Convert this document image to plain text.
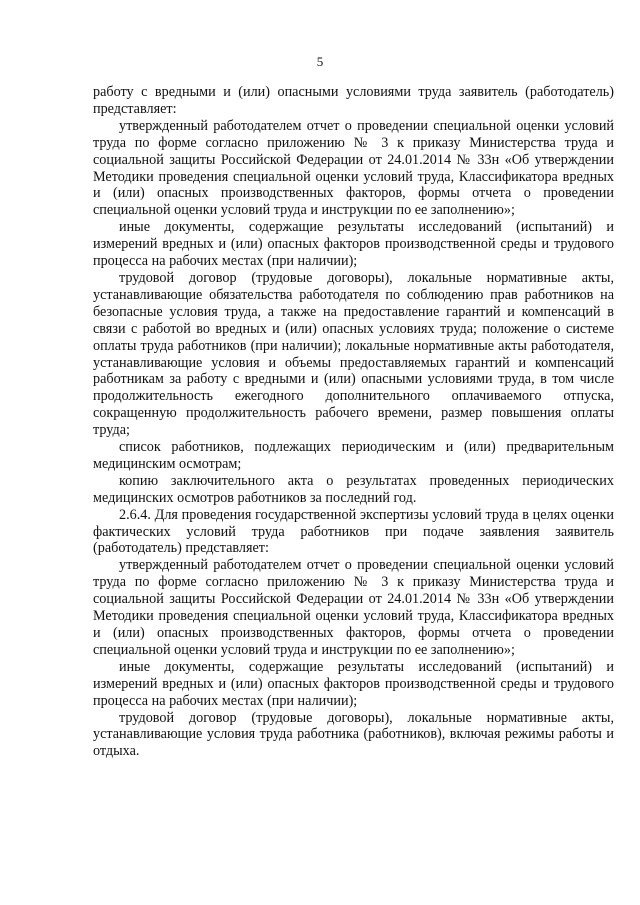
5

работу с вредными и (или) опасными условиями труда заявитель (работодатель) представляет:

утвержденный работодателем отчет о проведении специальной оценки условий труда по форме согласно приложению № 3 к приказу Министерства труда и социальной защиты Российской Федерации от 24.01.2014 № 33н «Об утверждении Методики проведения специальной оценки условий труда, Классификатора вредных и (или) опасных производственных факторов, формы отчета о проведении специальной оценки условий труда и инструкции по ее заполнению»;

иные документы, содержащие результаты исследований (испытаний) и измерений вредных и (или) опасных факторов производственной среды и трудового процесса на рабочих местах (при наличии);

трудовой договор (трудовые договоры), локальные нормативные акты, устанавливающие обязательства работодателя по соблюдению прав работников на безопасные условия труда, а также на предоставление гарантий и компенсаций в связи с работой во вредных и (или) опасных условиях труда; положение о системе оплаты труда работников (при наличии); локальные нормативные акты работодателя, устанавливающие условия и объемы предоставляемых гарантий и компенсаций работникам за работу с вредными и (или) опасными условиями труда, в том числе продолжительность ежегодного дополнительного оплачиваемого отпуска, сокращенную продолжительность рабочего времени, размер повышения оплаты труда;

список работников, подлежащих периодическим и (или) предварительным медицинским осмотрам;

копию заключительного акта о результатах проведенных периодических медицинских осмотров работников за последний год.

2.6.4. Для проведения государственной экспертизы условий труда в целях оценки фактических условий труда работников при подаче заявления заявитель (работодатель) представляет:

утвержденный работодателем отчет о проведении специальной оценки условий труда по форме согласно приложению № 3 к приказу Министерства труда и социальной защиты Российской Федерации от 24.01.2014 № 33н «Об утверждении Методики проведения специальной оценки условий труда, Классификатора вредных и (или) опасных производственных факторов, формы отчета о проведении специальной оценки условий труда и инструкции по ее заполнению»;

иные документы, содержащие результаты исследований (испытаний) и измерений вредных и (или) опасных факторов производственной среды и трудового процесса на рабочих местах (при наличии);

трудовой договор (трудовые договоры), локальные нормативные акты, устанавливающие условия труда работника (работников), включая режимы работы и отдыха.
